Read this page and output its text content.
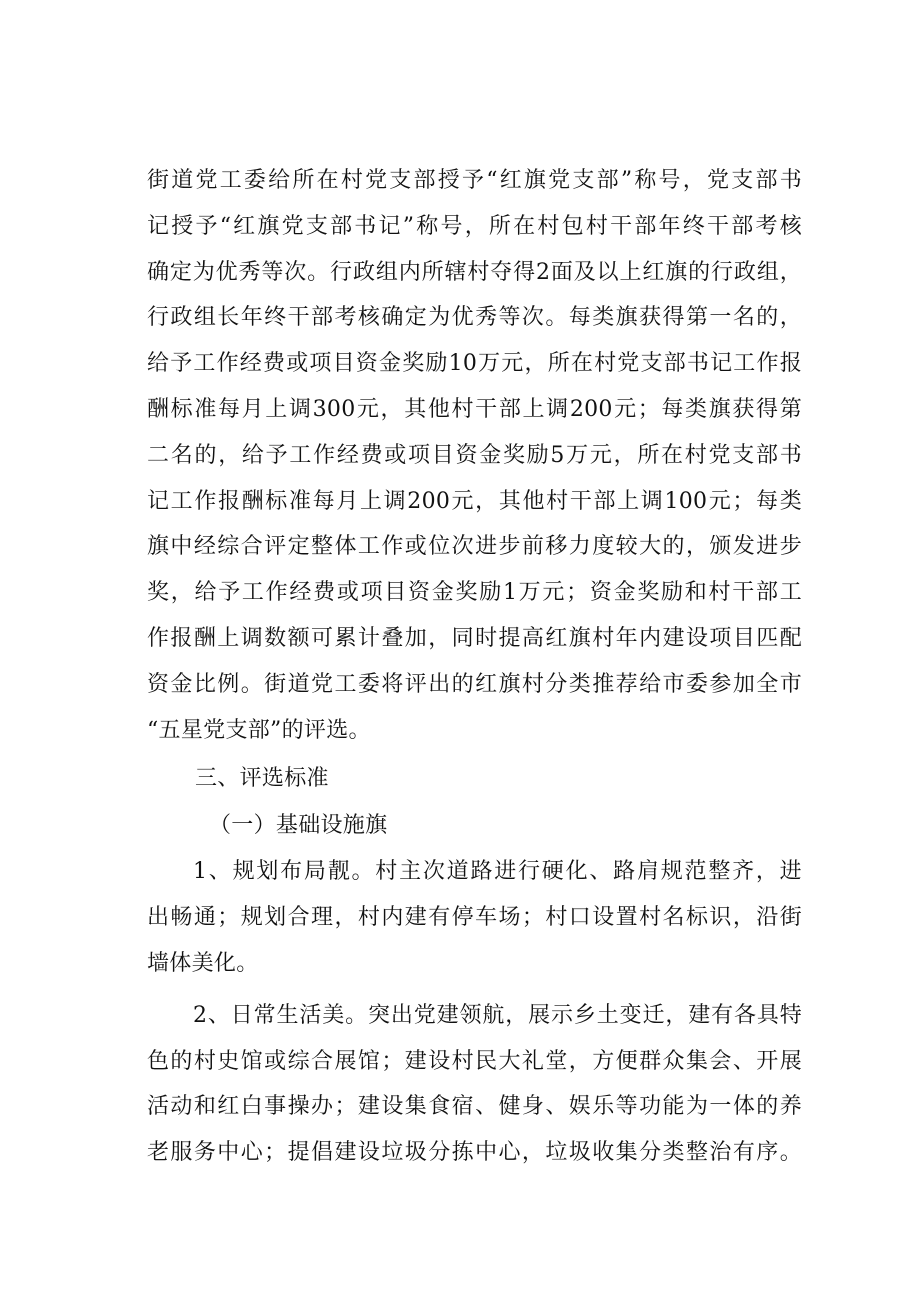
街道党工委给所在村党支部授予“红旗党支部”称号，党支部书
记授予“红旗党支部书记”称号，所在村包村干部年终干部考核
确定为优秀等次。行政组内所辖村夺得2面及以上红旗的行政组，
行政组长年终干部考核确定为优秀等次。每类旗获得第一名的，
给予工作经费或项目资金奖励10万元，所在村党支部书记工作报
酬标准每月上调300元，其他村干部上调200元；每类旗获得第
二名的，给予工作经费或项目资金奖励5万元，所在村党支部书
记工作报酬标准每月上调200元，其他村干部上调100元；每类
旗中经综合评定整体工作或位次进步前移力度较大的，颁发进步
奖，给予工作经费或项目资金奖励1万元；资金奖励和村干部工
作报酬上调数额可累计叠加，同时提高红旗村年内建设项目匹配
资金比例。街道党工委将评出的红旗村分类推荐给市委参加全市
“五星党支部”的评选。
三、评选标准
（一）基础设施旗
1、规划布局靓。村主次道路进行硬化、路肩规范整齐，进
出畅通；规划合理，村内建有停车场；村口设置村名标识，沿街
墙体美化。
2、日常生活美。突出党建领航，展示乡土变迁，建有各具特
色的村史馆或综合展馆；建设村民大礼堂，方便群众集会、开展
活动和红白事操办；建设集食宿、健身、娱乐等功能为一体的养
老服务中心；提倡建设垃圾分拣中心，垃圾收集分类整治有序。
